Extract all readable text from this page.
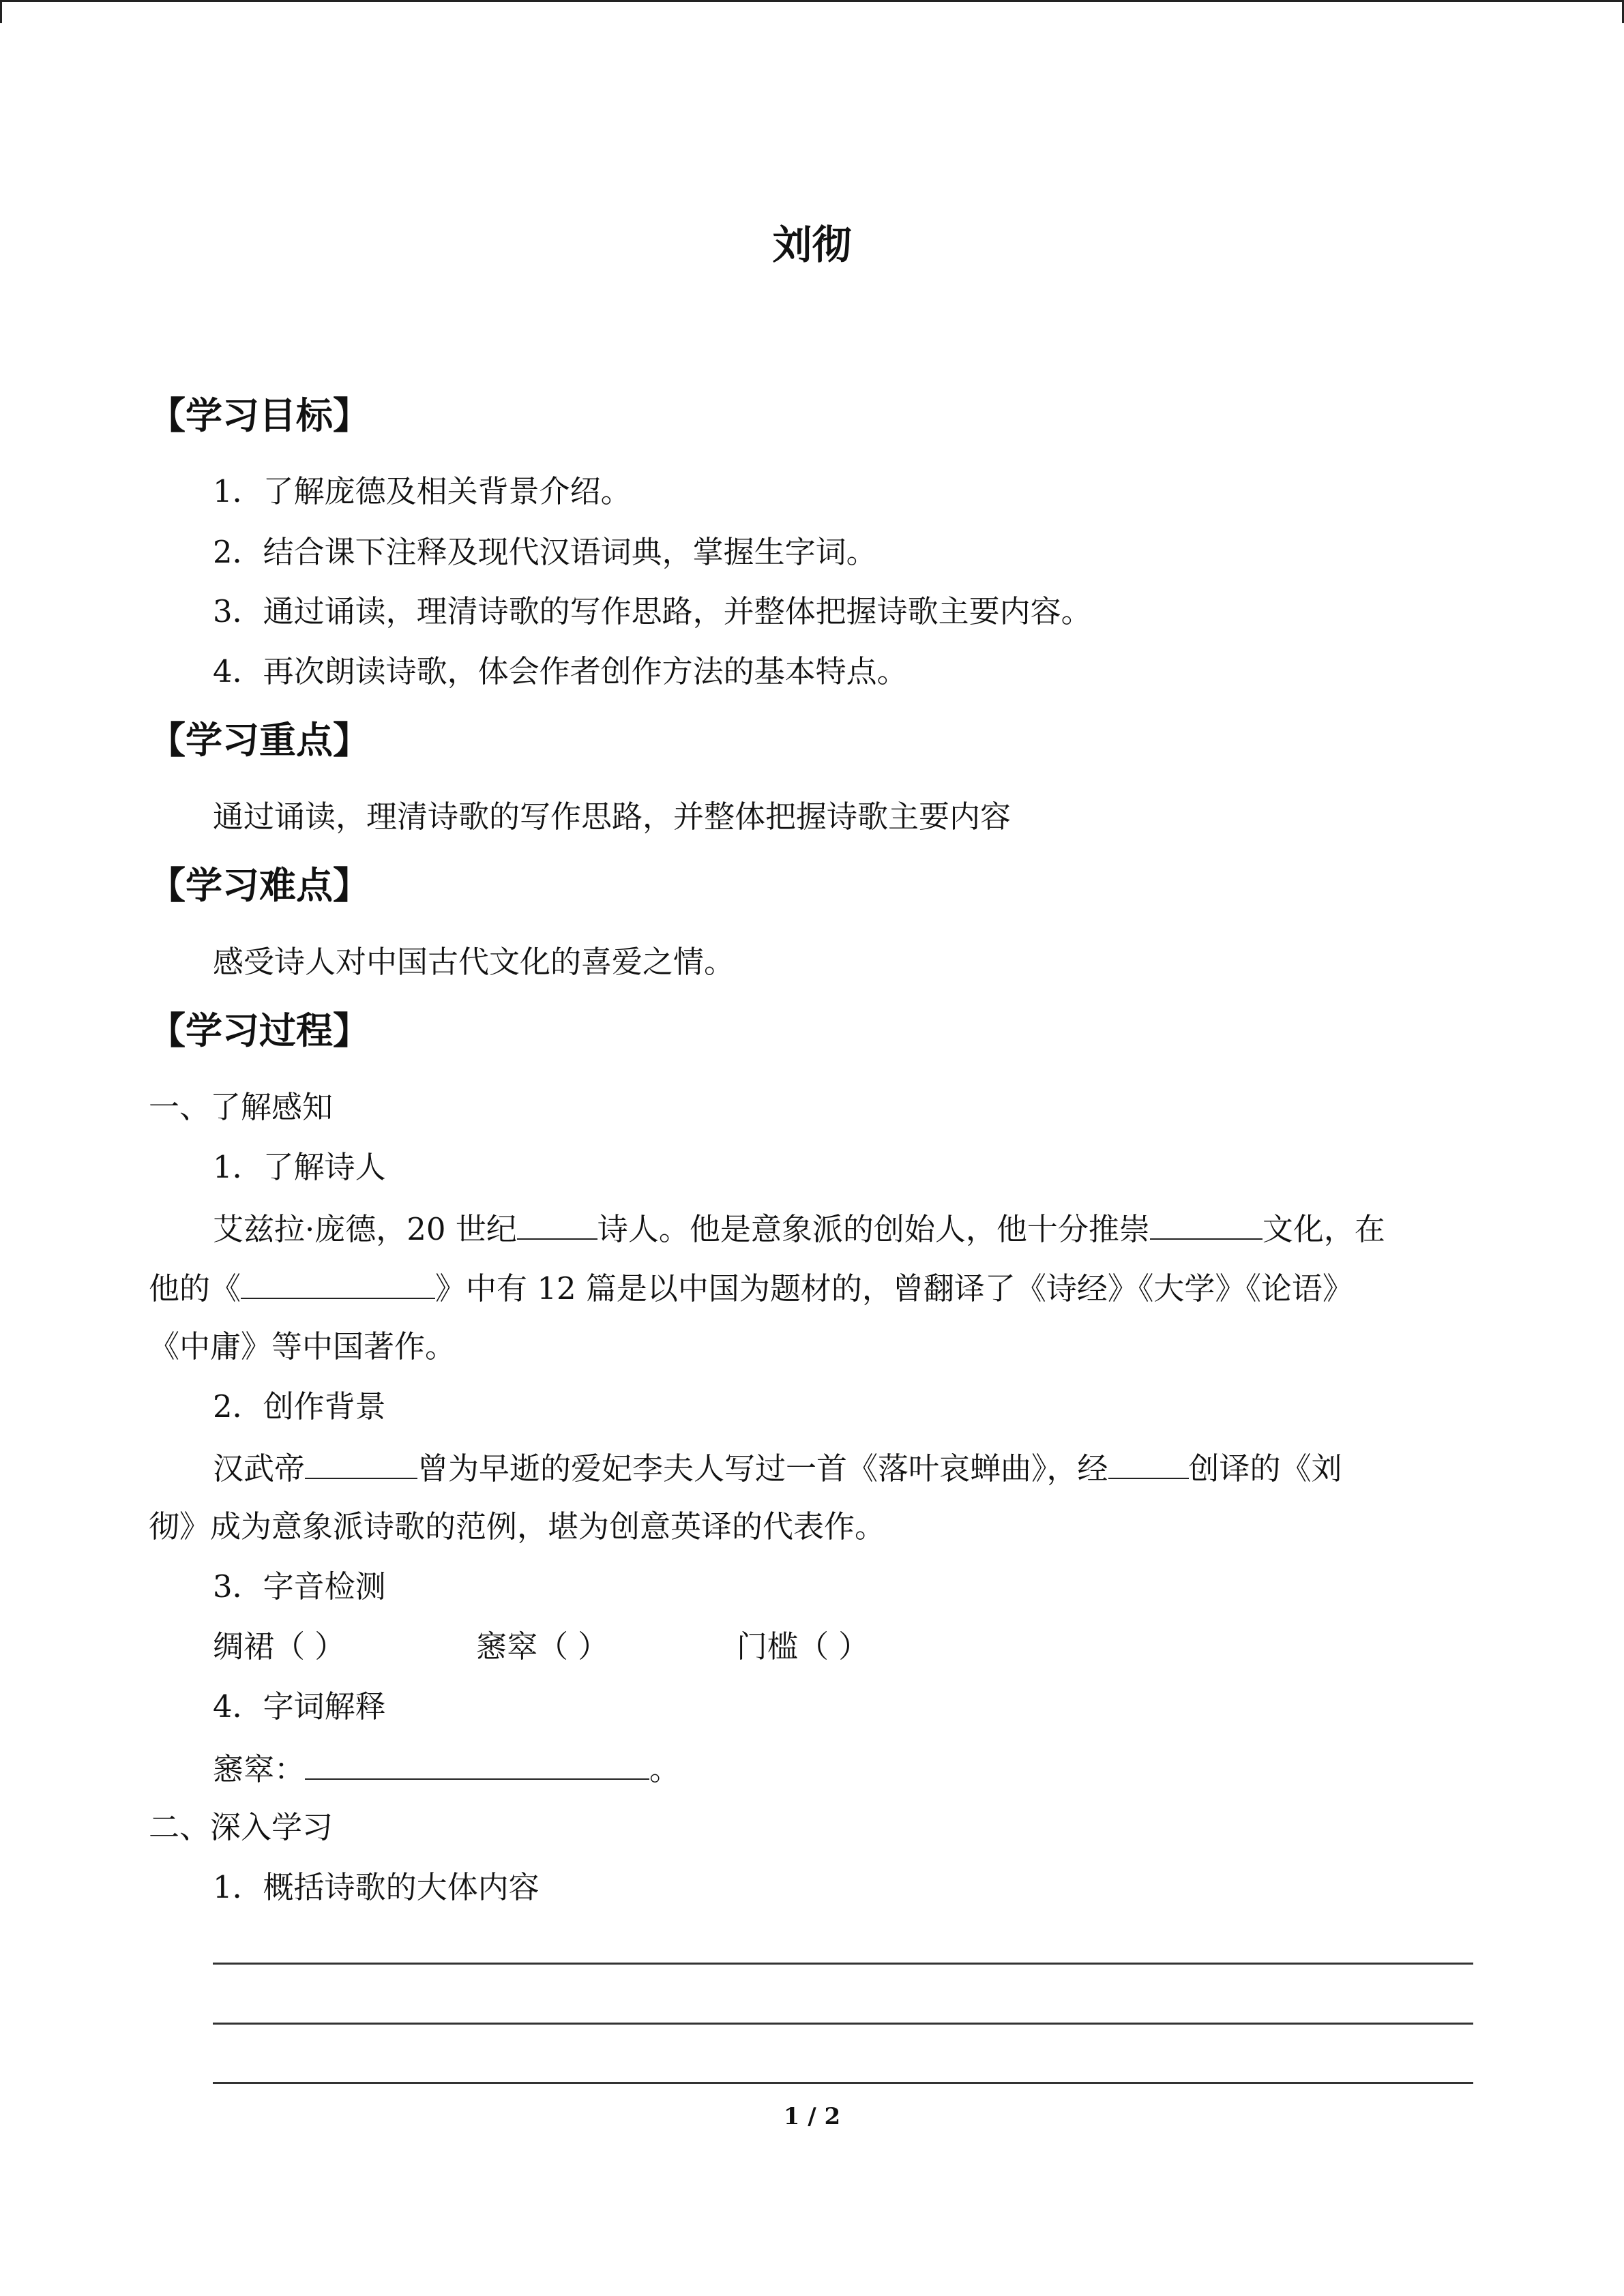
刘彻
【学习目标】
1．了解庞德及相关背景介绍。
2．结合课下注释及现代汉语词典，掌握生字词。
3．通过诵读，理清诗歌的写作思路，并整体把握诗歌主要内容。
4．再次朗读诗歌，体会作者创作方法的基本特点。
【学习重点】
通过诵读，理清诗歌的写作思路，并整体把握诗歌主要内容
【学习难点】
感受诗人对中国古代文化的喜爱之情。
【学习过程】
一、了解感知
1．了解诗人
艾兹拉·庞德，20 世纪	诗人。他是意象派的创始人，他十分推崇	文化，在
他的《	》中有 12 篇是以中国为题材的，曾翻译了《诗经》《大学》《论语》
《中庸》等中国著作。
2．创作背景
汉武帝	曾为早逝的爱妃李夫人写过一首《落叶哀蝉曲》，经	创译的《刘
彻》成为意象派诗歌的范例，堪为创意英译的代表作。
3．字音检测
绸裙（ ）	窸窣（ ）	门槛（ ）
4．字词解释
窸窣：	。
二、深入学习
1．概括诗歌的大体内容
1 / 2
